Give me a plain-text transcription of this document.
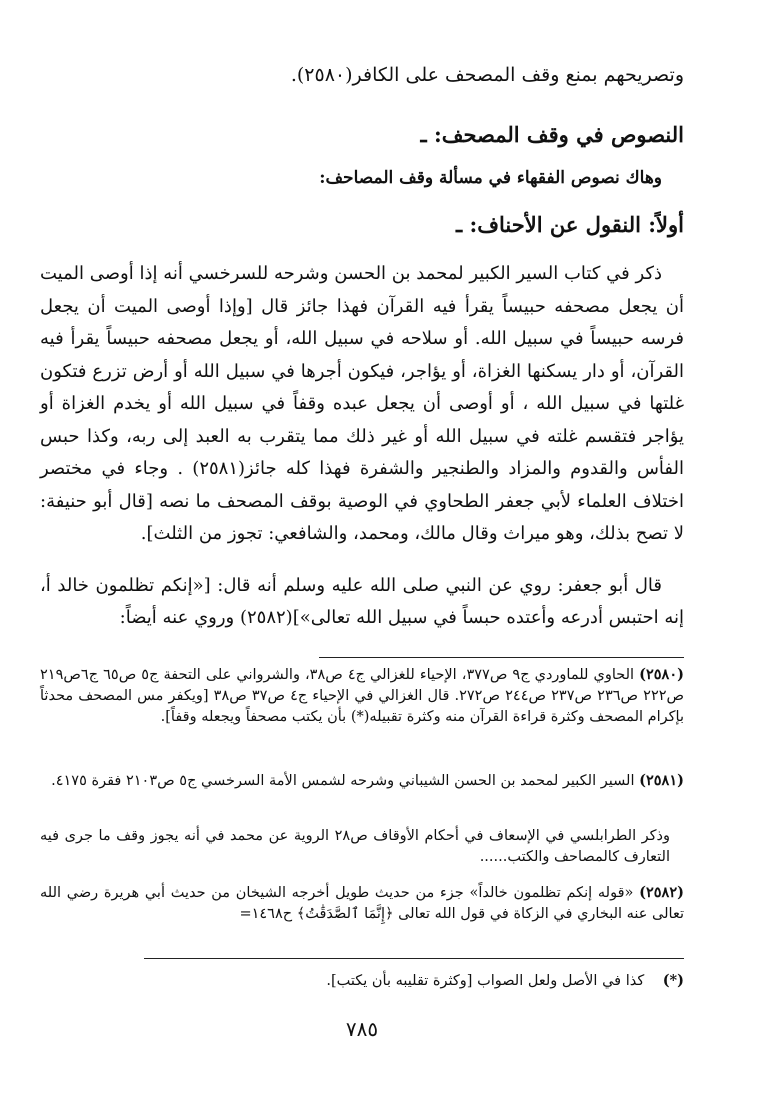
وتصريحهم بمنع وقف المصحف على الكافر(٢٥٨٠).
النصوص في وقف المصحف: ـ
وهاك نصوص الفقهاء في مسألة وقف المصاحف:
أولاً: النقول عن الأحناف: ـ
ذكر في كتاب السير الكبير لمحمد بن الحسن وشرحه للسرخسي أنه إذا أوصى الميت أن يجعل مصحفه حبيساً يقرأ فيه القرآن فهذا جائز قال [وإذا أوصى الميت أن يجعل فرسه حبيساً في سبيل الله. أو سلاحه في سبيل الله، أو يجعل مصحفه حبيساً يقرأ فيه القرآن، أو دار يسكنها الغزاة، أو يؤاجر، فيكون أجرها في سبيل الله أو أرض تزرع فتكون غلتها في سبيل الله ، أو أوصى أن يجعل عبده وقفاً في سبيل الله أو يخدم الغزاة أو يؤاجر فتقسم غلته في سبيل الله أو غير ذلك مما يتقرب به العبد إلى ربه، وكذا حبس الفأس والقدوم والمزاد والطنجير والشفرة فهذا كله جائز(٢٥٨١) . وجاء في مختصر اختلاف العلماء لأبي جعفر الطحاوي في الوصية بوقف المصحف ما نصه [قال أبو حنيفة: لا تصح بذلك، وهو ميراث وقال مالك، ومحمد، والشافعي: تجوز من الثلث].
قال أبو جعفر: روي عن النبي صلى الله عليه وسلم أنه قال: [«إنكم تظلمون خالد أ، إنه احتبس أدرعه وأعتده حبساً في سبيل الله تعالى»](٢٥٨٢) وروي عنه أيضاً:
(٢٥٨٠) الحاوي للماوردي ج٩ ص٣٧٧، الإحياء للغزالي ج٤ ص٣٨، والشرواني على التحفة ج٥ ص٦٥ ج٦ص٢١٩ ص٢٢٢ ص٢٣٦ ص٢٣٧ ص٢٤٤ ص٢٧٢. قال الغزالي في الإحياء ج٤ ص٣٧ ص٣٨ [ويكفر مس المصحف محدثاً بإكرام المصحف وكثرة قراءة القرآن منه وكثرة تقبيله(*) بأن يكتب مصحفاً ويجعله وقفاً].
(٢٥٨١) السير الكبير لمحمد بن الحسن الشيباني وشرحه لشمس الأمة السرخسي ج٥ ص٢١٠٣ فقرة ٤١٧٥.
وذكر الطرابلسي في الإسعاف في أحكام الأوقاف ص٢٨ الروية عن محمد في أنه يجوز وقف ما جرى فيه التعارف كالمصاحف والكتب......
(٢٥٨٢) «قوله إنكم تظلمون خالداً» جزء من حديث طويل أخرجه الشيخان من حديث أبي هريرة رضي الله تعالى عنه البخاري في الزكاة في قول الله تعالى ﴿إِنَّمَا ٱلصَّدَقَٰتُ﴾ ح١٤٦٨=
(*)    كذا في الأصل ولعل الصواب [وكثرة تقليبه بأن يكتب].
٧٨٥
